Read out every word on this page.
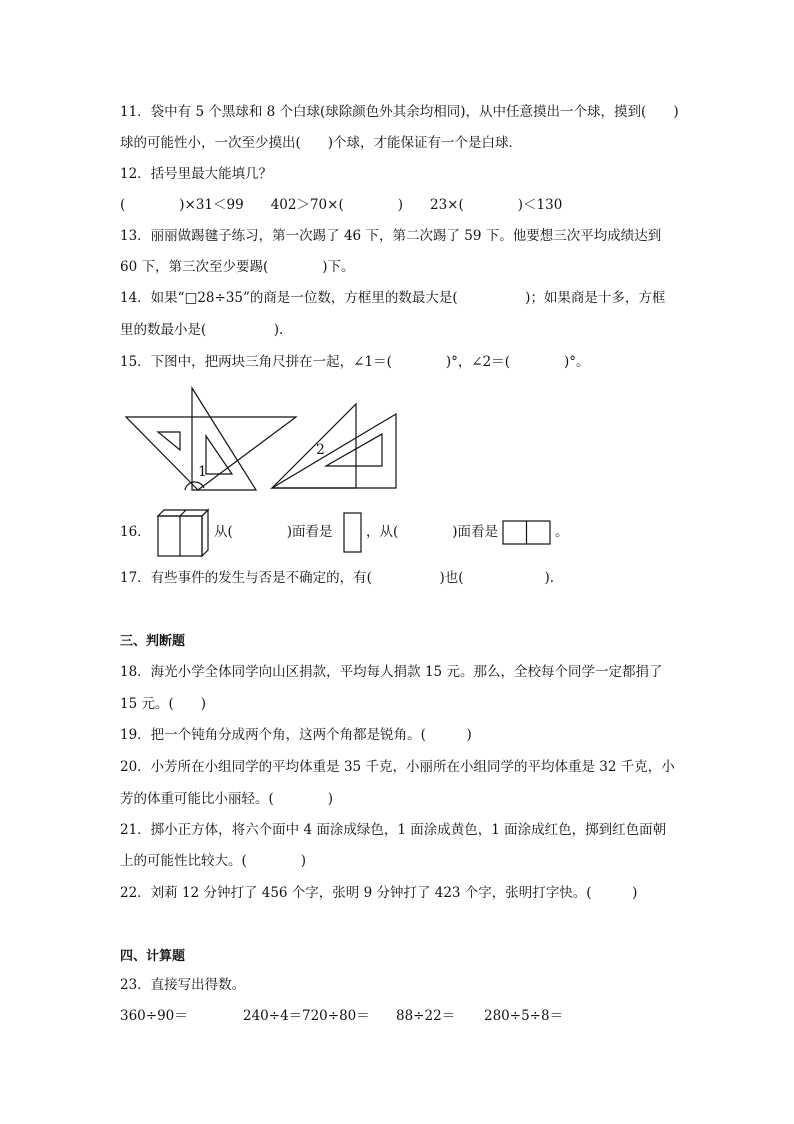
11．袋中有 5 个黑球和 8 个白球(球除颜色外其余均相同)，从中任意摸出一个球，摸到(　　)
球的可能性小，一次至少摸出(　　)个球，才能保证有一个是白球．
12．括号里最大能填几？
(　　　　)×31＜99　　402＞70×(　　　　)　　23×(　　　　)＜130
13．丽丽做踢毽子练习，第一次踢了 46 下，第二次踢了 59 下。他要想三次平均成绩达到
60 下，第三次至少要踢(　　　　)下。
14．如果“□28÷35”的商是一位数，方框里的数最大是(　　　　　)；如果商是十多，方框
里的数最小是(　　　　　).
15．下图中，把两块三角尺拼在一起，∠1＝(　　　　)°，∠2＝(　　　　)°。
1
2
16．	从(　　　　)面看是 ，从(　　　　)面看是	。
17．有些事件的发生与否是不确定的，有(　　　　　)也(　　　　　　).
三、判断题
18．海光小学全体同学向山区捐款，平均每人捐款 15 元。那么，全校每个同学一定都捐了
15 元。(　　)
19．把一个钝角分成两个角，这两个角都是锐角。(　　　)
20．小芳所在小组同学的平均体重是 35 千克，小丽所在小组同学的平均体重是 32 千克，小
芳的体重可能比小丽轻。(　　　　)
21．掷小正方体，将六个面中 4 面涂成绿色，1 面涂成黄色，1 面涂成红色，掷到红色面朝
上的可能性比较大。(　　　　)
22．刘莉 12 分钟打了 456 个字，张明 9 分钟打了 423 个字，张明打字快。(　　　)
四、计算题
23．直接写出得数。
360÷90＝	240÷4＝ 720÷80＝ 88÷22＝ 280÷5÷8＝
